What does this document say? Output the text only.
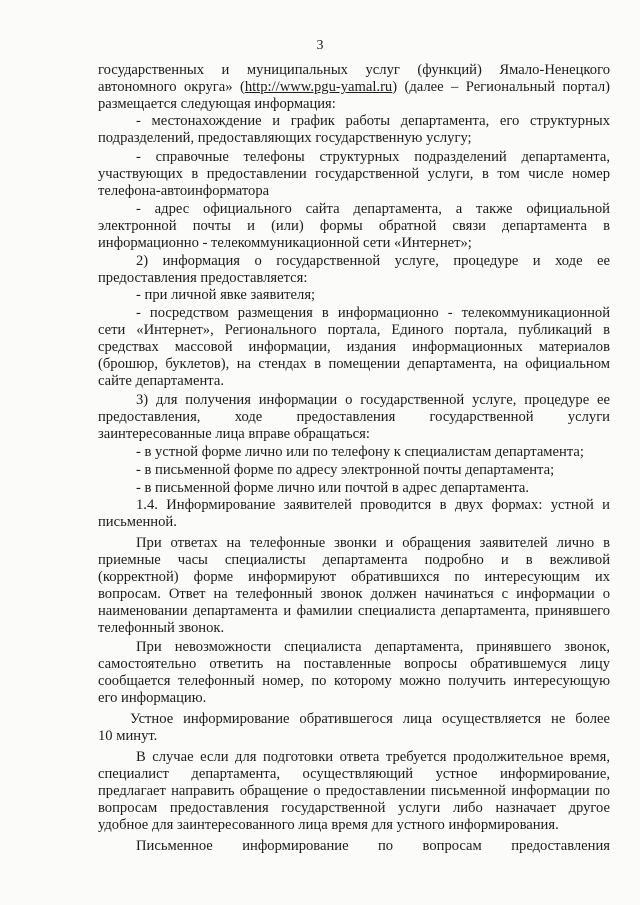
3
государственных и муниципальных услуг (функций) Ямало-Ненецкого
автономного округа» (http://www.pgu-yamal.ru) (далее – Региональный портал)
размещается следующая информация:
- местонахождение и график работы департамента, его структурных
подразделений, предоставляющих государственную услугу;
- справочные телефоны структурных подразделений департамента,
участвующих в предоставлении государственной услуги, в том числе номер
телефона-автоинформатора
- адрес официального сайта департамента, а также официальной
электронной почты и (или) формы обратной связи департамента в
информационно - телекоммуникационной сети «Интернет»;
2) информация о государственной услуге, процедуре и ходе ее
предоставления предоставляется:
- при личной явке заявителя;
- посредством размещения в информационно - телекоммуникационной
сети «Интернет», Регионального портала, Единого портала, публикаций в
средствах массовой информации, издания информационных материалов
(брошюр, буклетов), на стендах в помещении департамента, на официальном
сайте департамента.
3) для получения информации о государственной услуге, процедуре ее
предоставления, ходе предоставления государственной услуги
заинтересованные лица вправе обращаться:
- в устной форме лично или по телефону к специалистам департамента;
- в письменной форме по адресу электронной почты департамента;
- в письменной форме лично или почтой в адрес департамента.
1.4. Информирование заявителей проводится в двух формах: устной и
письменной.
При ответах на телефонные звонки и обращения заявителей лично в
приемные часы специалисты департамента подробно и в вежливой
(корректной) форме информируют обратившихся по интересующим их
вопросам. Ответ на телефонный звонок должен начинаться с информации о
наименовании департамента и фамилии специалиста департамента, принявшего
телефонный звонок.
При невозможности специалиста департамента, принявшего звонок,
самостоятельно ответить на поставленные вопросы обратившемуся лицу
сообщается телефонный номер, по которому можно получить интересующую
его информацию.
Устное информирование обратившегося лица осуществляется не более
10 минут.
В случае если для подготовки ответа требуется продолжительное время,
специалист департамента, осуществляющий устное информирование,
предлагает направить обращение о предоставлении письменной информации по
вопросам предоставления государственной услуги либо назначает другое
удобное для заинтересованного лица время для устного информирования.
Письменное информирование по вопросам предоставления
